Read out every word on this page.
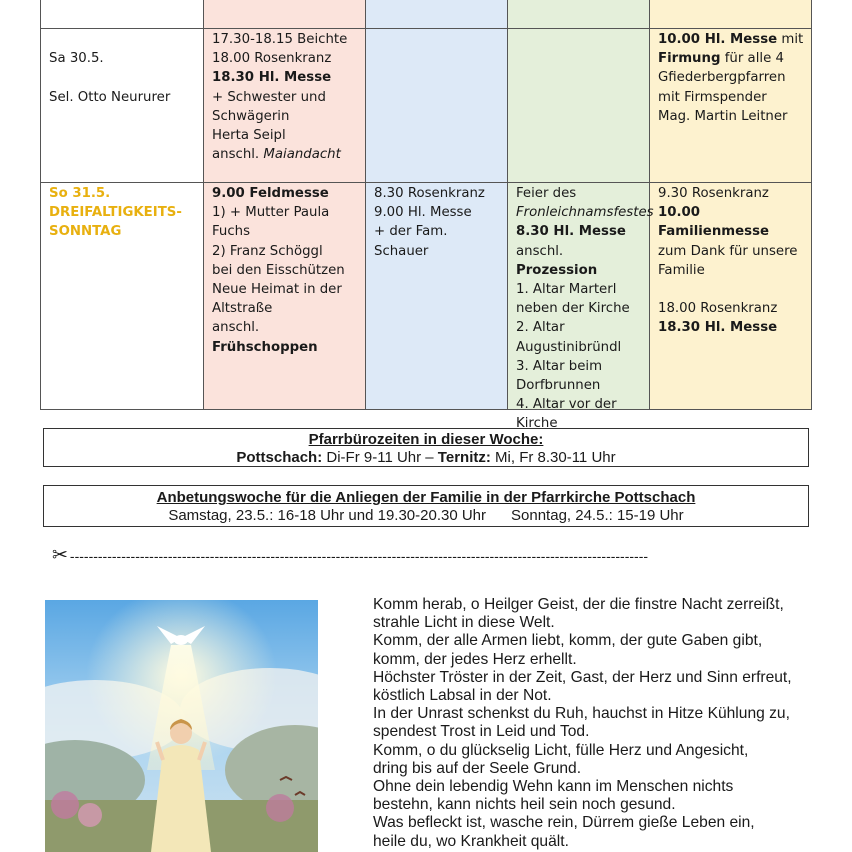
Sa 30.5.

Sel. Otto Neururer

17.30-18.15 Beichte
18.00 Rosenkranz
18.30 Hl. Messe
+ Schwester und
Schwägerin
Herta Seipl
anschl. Maiandacht
10.00 Hl. Messe mit
Firmung für alle 4
Gfiederbergpfarren
mit Firmspender
Mag. Martin Leitner
So 31.5.
DREIFALTIGKEITS-
SONNTAG
9.00 Feldmesse
1) + Mutter Paula
Fuchs
2) Franz Schöggl
bei den Eisschützen
Neue Heimat in der
Altstraße
anschl. Frühschoppen
8.30 Rosenkranz
9.00 Hl. Messe
+ der Fam. Schauer
Feier des
Fronleichnamsfestes
8.30 Hl. Messe
anschl. Prozession
1. Altar Marterl
neben der Kirche
2. Altar
Augustinibründl
3. Altar beim
Dorfbrunnen
4. Altar vor der
Kirche
9.30 Rosenkranz
10.00 Familienmesse
zum Dank für unsere
Familie

18.00 Rosenkranz
18.30 Hl. Messe
Pfarrbürozeiten in dieser Woche:
Pottschach: Di-Fr 9-11 Uhr – Ternitz: Mi, Fr 8.30-11 Uhr
Anbetungswoche für die Anliegen der Familie in der Pfarrkirche Pottschach
Samstag, 23.5.: 16-18 Uhr und 19.30-20.30 Uhr      Sonntag, 24.5.: 15-19 Uhr
✂ ----------------------------------------------------------------------------------------------------------------------------
Komm herab, o Heilger Geist, der die finstre Nacht zerreißt,
strahle Licht in diese Welt.
Komm, der alle Armen liebt, komm, der gute Gaben gibt,
komm, der jedes Herz erhellt.
Höchster Tröster in der Zeit, Gast, der Herz und Sinn erfreut,
köstlich Labsal in der Not.
In der Unrast schenkst du Ruh, hauchst in Hitze Kühlung zu,
spendest Trost in Leid und Tod.
Komm, o du glückselig Licht, fülle Herz und Angesicht,
dring bis auf der Seele Grund.
Ohne dein lebendig Wehn kann im Menschen nichts
bestehn, kann nichts heil sein noch gesund.
Was befleckt ist, wasche rein, Dürrem gieße Leben ein,
heile du, wo Krankheit quält.
